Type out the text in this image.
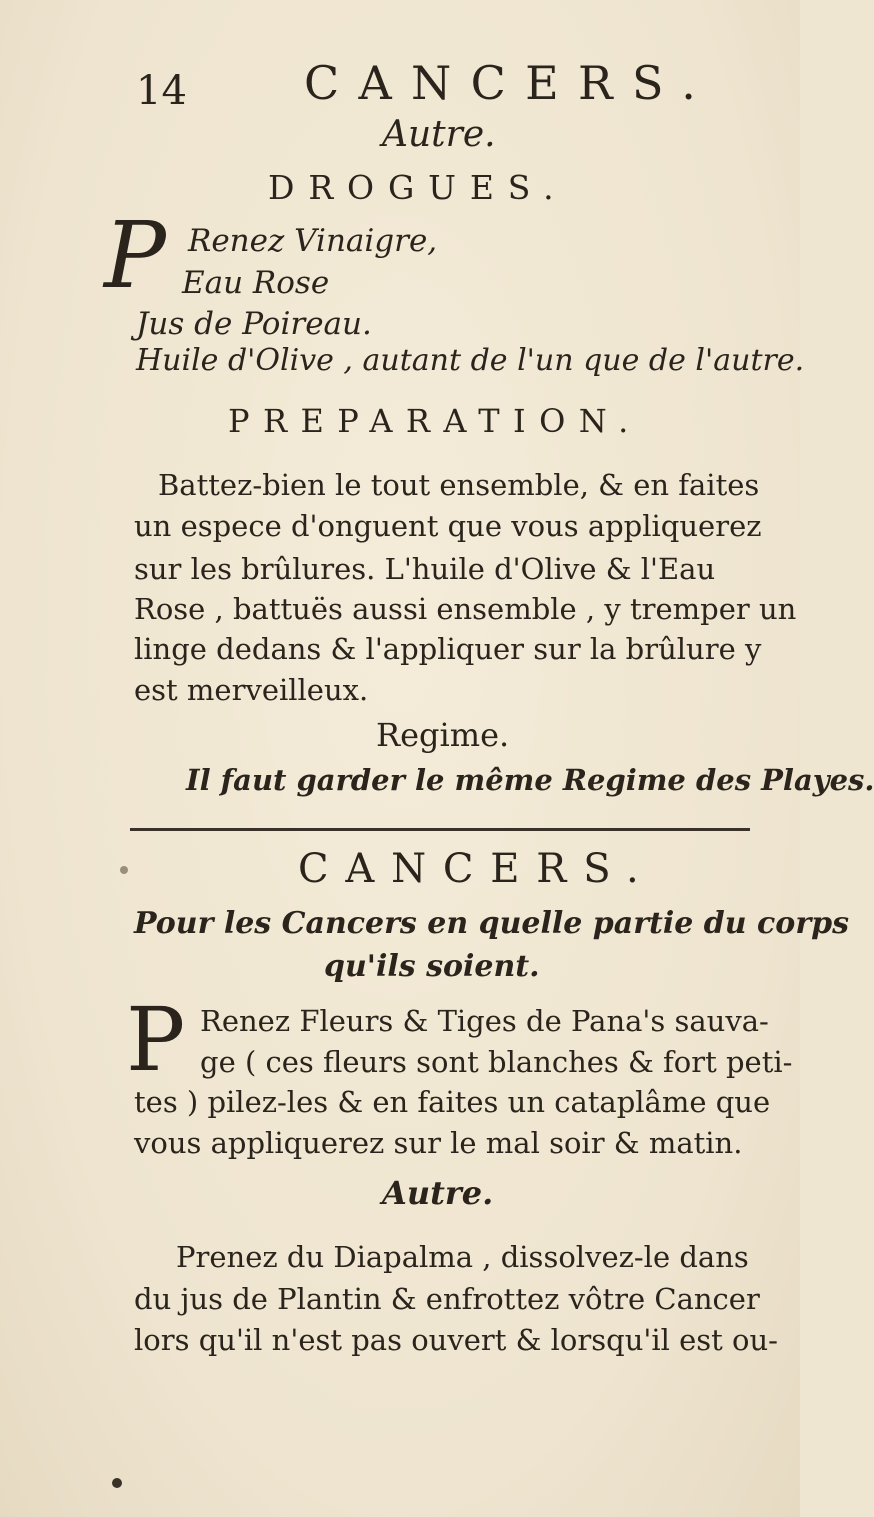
14	CANCERS.
Autre.
DROGUES.
P Renez Vinaigre,
Eau Rose
Jus de Poireau.
Huile d'Olive , autant de l'un que de l'autre.
PREPARATION.
Battez-bien le tout ensemble, & en faites
un espece d'onguent que vous appliquerez
sur les brûlures. L'huile d'Olive & l'Eau
Rose , battuës aussi ensemble , y tremper un
linge dedans & l'appliquer sur la brûlure y
est merveilleux.
Regime.
Il faut garder le même Regime des Playes.
CANCERS.
Pour les Cancers en quelle partie du corps
qu'ils soient.
P Renez Fleurs & Tiges de Pana's sauva-
ge ( ces fleurs sont blanches & fort peti-
tes ) pilez-les & en faites un cataplâme que
vous appliquerez sur le mal soir & matin.
Autre.
Prenez du Diapalma , dissolvez-le dans
du jus de Plantin & enfrottez vôtre Cancer
lors qu'il n'est pas ouvert & lorsqu'il est ou-
